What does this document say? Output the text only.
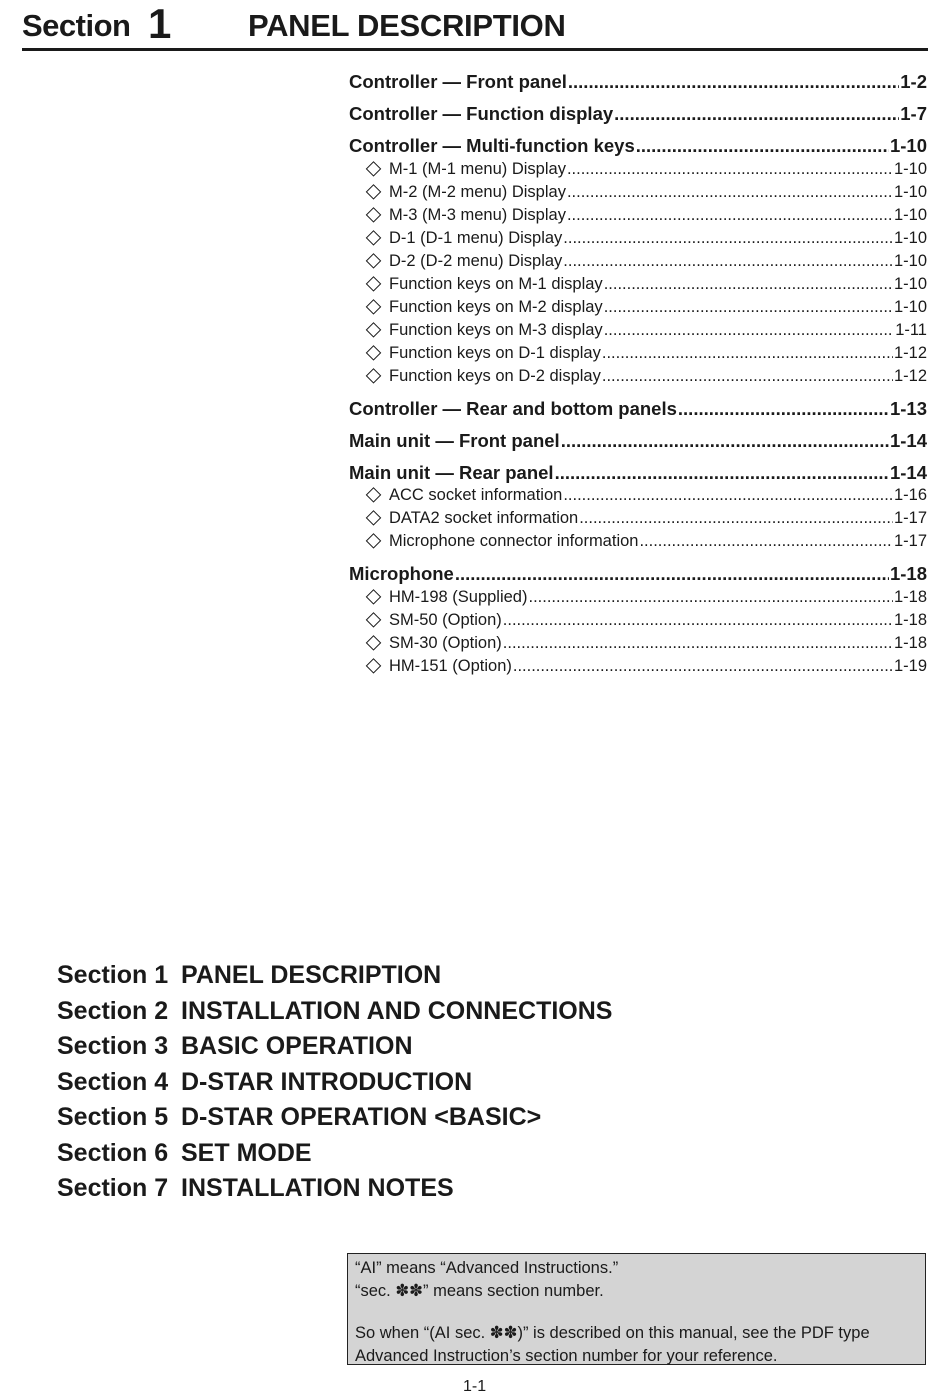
Section 1 PANEL DESCRIPTION
Controller — Front panel .....	1-2
Controller — Function display .....	1-7
Controller — Multi-function keys .....	1-10
M-1 (M-1 menu) Display .....	1-10
M-2 (M-2 menu) Display .....	1-10
M-3 (M-3 menu) Display .....	1-10
D-1 (D-1 menu) Display .....	1-10
D-2 (D-2 menu) Display .....	1-10
Function keys on M-1 display .....	1-10
Function keys on M-2 display .....	1-10
Function keys on M-3 display .....	1-11
Function keys on D-1 display .....	1-12
Function keys on D-2 display .....	1-12
Controller — Rear and bottom panels .....	1-13
Main unit — Front panel .....	1-14
Main unit — Rear panel .....	1-14
ACC socket information .....	1-16
DATA2 socket information .....	1-17
Microphone connector information .....	1-17
Microphone .....	1-18
HM-198 (Supplied) .....	1-18
SM-50 (Option) .....	1-18
SM-30 (Option) .....	1-18
HM-151 (Option) .....	1-19
Section 1 PANEL DESCRIPTION
Section 2 INSTALLATION AND CONNECTIONS
Section 3 BASIC OPERATION
Section 4 D-STAR INTRODUCTION
Section 5 D-STAR OPERATION <BASIC>
Section 6 SET MODE
Section 7 INSTALLATION NOTES
“AI” means “Advanced Instructions.”
“sec. ✽✽” means section number.
So when “(AI sec. ✽✽)” is described on this manual, see the PDF type
Advanced Instruction’s section number for your reference.
1-1
